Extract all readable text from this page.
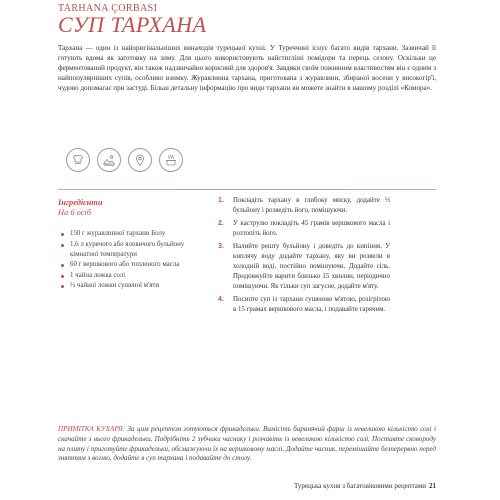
TARHANA ÇORBASI
СУП ТАРХАНА

Тархана — один із найоригінальніших винаходів турецької кухні. У Туреччині існує багато видів тархани. Зазвичай її готують вдома як заготовку на зиму. Для цього використовують найстигліші помідори та перець сезону. Оскільки це ферментований продукт, він також надзвичайно корисний для здоров'я. Завдяки своїм поживним властивостям він є одним з найпопулярніших супів, особливо взимку. Журавлинна тархана, приготована з журавлини, збираної восени у високогір'ї, чудово допомагає при застуді. Більш детальну інформацію про види тархани ви можете знайти в нашому розділі «Комора».

Інгредієнти
На 6 осіб
150 г журавлинної тархани Болу
1,6 л курячого або яловичого бульйону кімнатної температури
60 г вершкового або топленого масла
1 чайна ложка солі
½ чайної ложки сушеної м'яти
1. Покладіть тархану в глибоку миску, додайте ⅓ бульйону і розведіть його, помішуючи.
2. У каструлю покладіть 45 грамів вершкового масла і розтопіть його.
3. Налийте решту бульйону і доведіть до кипіння. У киплячу воду додайте тархану, яку ви розвели в холодній воді, постійно помішуючи. Додайте сіль. Продовжуйте варити близько 15 хвилин, періодично помішуючи. Як тільки суп загусне, додайте м'яту.
4. Посипте суп із тархани сушеною м'ятою, розігрітою в 15 грамах вершкового масла, і подавайте гарячим.

ПРИМІТКА КУХАРЯ: За цим рецептом готуються фрикадельки. Вимісіть баранячий фарш із невеликою кількістю солі і скачайте з нього фрикадельки. Подрібніть 2 зубчики часнику і розчавіть із невеликою кількістю солі. Поставте сковороду на плиту і приготуйте фрикадельки, обсмажуючи їх на вершковому маслі. Додайте часник, перемішайте безперервно перед зняттям з вогню, додайте в суп тархана і подавайте до столу.

Турецька кухня з багатовіковими рецептами 21
